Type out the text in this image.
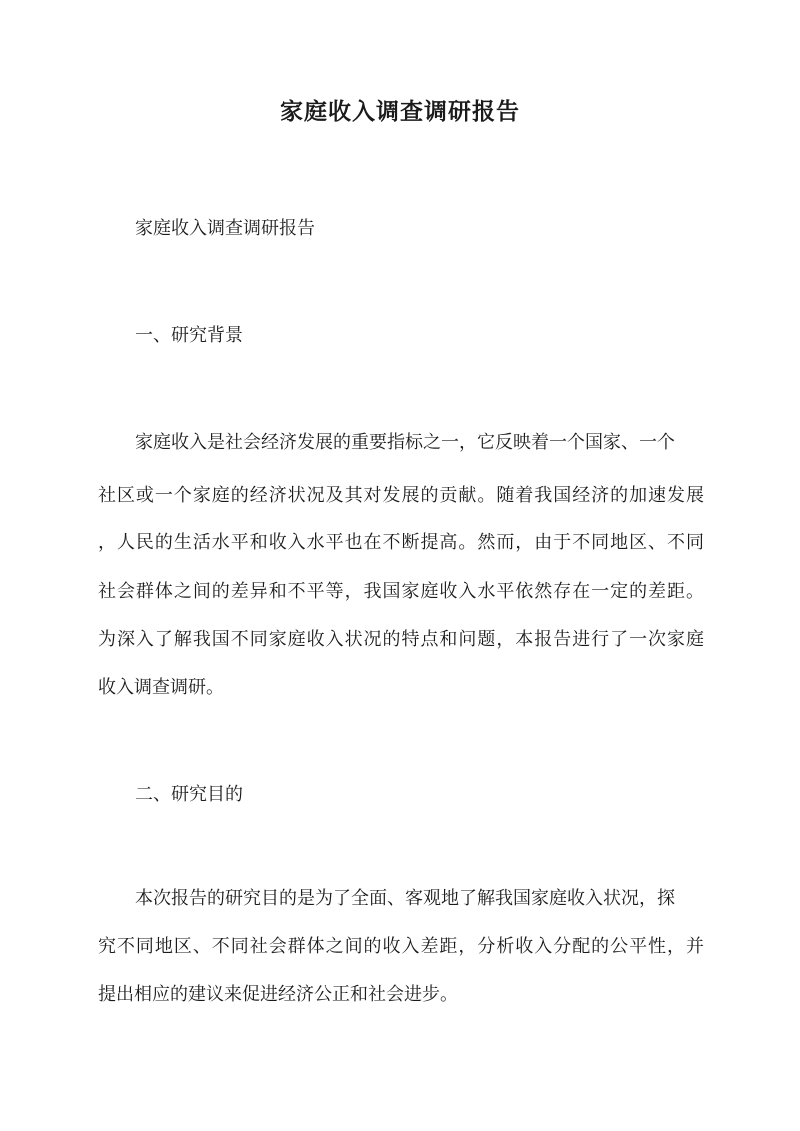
家庭收入调查调研报告
家庭收入调查调研报告
一、研究背景
家庭收入是社会经济发展的重要指标之一，它反映着一个国家、一个
社区或一个家庭的经济状况及其对发展的贡献。随着我国经济的加速发展
，人民的生活水平和收入水平也在不断提高。然而，由于不同地区、不同
社会群体之间的差异和不平等，我国家庭收入水平依然存在一定的差距。
为深入了解我国不同家庭收入状况的特点和问题，本报告进行了一次家庭
收入调查调研。
二、研究目的
本次报告的研究目的是为了全面、客观地了解我国家庭收入状况，探
究不同地区、不同社会群体之间的收入差距，分析收入分配的公平性，并
提出相应的建议来促进经济公正和社会进步。
